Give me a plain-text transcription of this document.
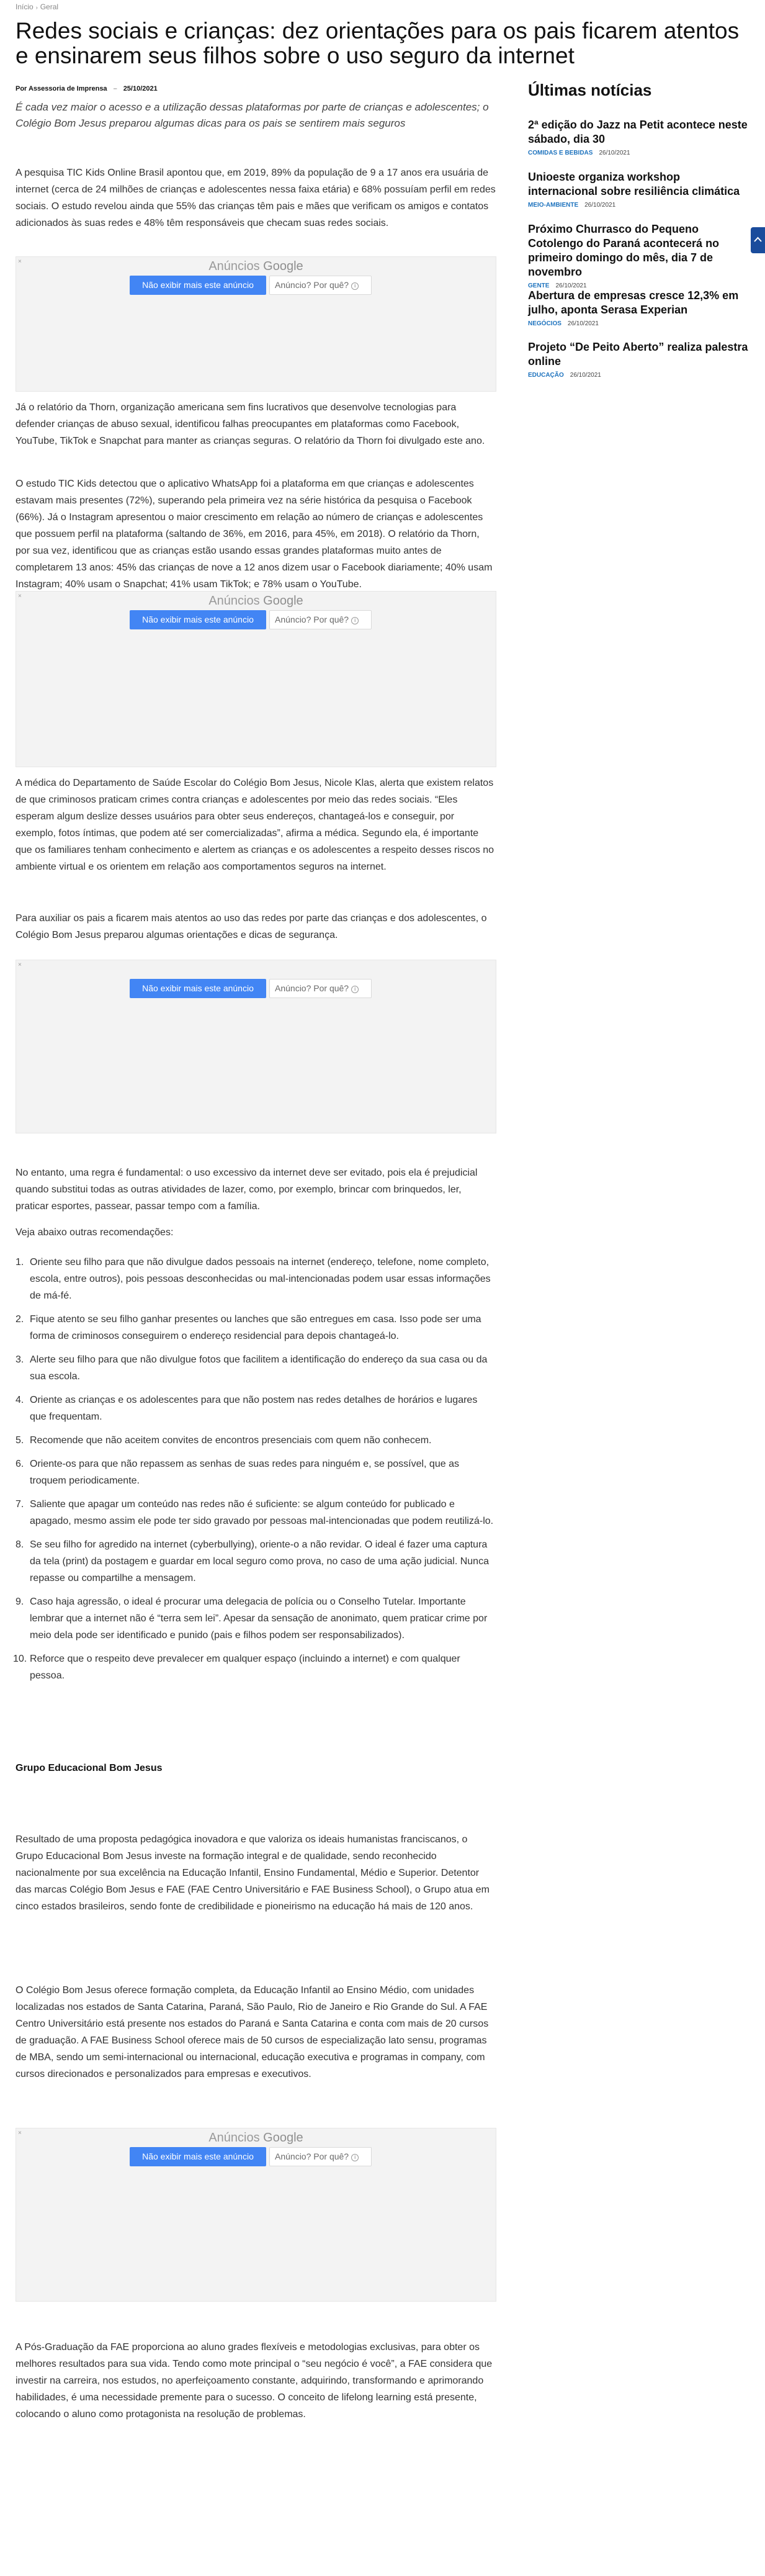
Início › Geral
Redes sociais e crianças: dez orientações para os pais ficarem atentos e ensinarem seus filhos sobre o uso seguro da internet
Por Assessoria de Imprensa – 25/10/2021

É cada vez maior o acesso e a utilização dessas plataformas por parte de crianças e adolescentes; o Colégio Bom Jesus preparou algumas dicas para os pais se sentirem mais seguros

A pesquisa TIC Kids Online Brasil apontou que, em 2019, 89% da população de 9 a 17 anos era usuária de internet (cerca de 24 milhões de crianças e adolescentes nessa faixa etária) e 68% possuíam perfil em redes sociais. O estudo revelou ainda que 55% das crianças têm pais e mães que verificam os amigos e contatos adicionados às suas redes e 48% têm responsáveis que checam suas redes sociais.

×	Anúncios Google
Não exibir mais este anúncio	Anúncio? Por quê? i

Já o relatório da Thorn, organização americana sem fins lucrativos que desenvolve tecnologias para defender crianças de abuso sexual, identificou falhas preocupantes em plataformas como Facebook, YouTube, TikTok e Snapchat para manter as crianças seguras. O relatório da Thorn foi divulgado este ano.

O estudo TIC Kids detectou que o aplicativo WhatsApp foi a plataforma em que crianças e adolescentes estavam mais presentes (72%), superando pela primeira vez na série histórica da pesquisa o Facebook (66%). Já o Instagram apresentou o maior crescimento em relação ao número de crianças e adolescentes que possuem perfil na plataforma (saltando de 36%, em 2016, para 45%, em 2018). O relatório da Thorn, por sua vez, identificou que as crianças estão usando essas grandes plataformas muito antes de completarem 13 anos: 45% das crianças de nove a 12 anos dizem usar o Facebook diariamente; 40% usam Instagram; 40% usam o Snapchat; 41% usam TikTok; e 78% usam o YouTube.

×	Anúncios Google
Não exibir mais este anúncio	Anúncio? Por quê? i

A médica do Departamento de Saúde Escolar do Colégio Bom Jesus, Nicole Klas, alerta que existem relatos de que criminosos praticam crimes contra crianças e adolescentes por meio das redes sociais. “Eles esperam algum deslize desses usuários para obter seus endereços, chantageá-los e conseguir, por exemplo, fotos íntimas, que podem até ser comercializadas”, afirma a médica. Segundo ela, é importante que os familiares tenham conhecimento e alertem as crianças e os adolescentes a respeito desses riscos no ambiente virtual e os orientem em relação aos comportamentos seguros na internet.

Para auxiliar os pais a ficarem mais atentos ao uso das redes por parte das crianças e dos adolescentes, o Colégio Bom Jesus preparou algumas orientações e dicas de segurança.

×
Não exibir mais este anúncio	Anúncio? Por quê? i

No entanto, uma regra é fundamental: o uso excessivo da internet deve ser evitado, pois ela é prejudicial quando substitui todas as outras atividades de lazer, como, por exemplo, brincar com brinquedos, ler, praticar esportes, passear, passar tempo com a família.

Veja abaixo outras recomendações:

1. Oriente seu filho para que não divulgue dados pessoais na internet (endereço, telefone, nome completo, escola, entre outros), pois pessoas desconhecidas ou mal-intencionadas podem usar essas informações de má-fé.
2. Fique atento se seu filho ganhar presentes ou lanches que são entregues em casa. Isso pode ser uma forma de criminosos conseguirem o endereço residencial para depois chantageá-lo.
3. Alerte seu filho para que não divulgue fotos que facilitem a identificação do endereço da sua casa ou da sua escola.
4. Oriente as crianças e os adolescentes para que não postem nas redes detalhes de horários e lugares que frequentam.
5. Recomende que não aceitem convites de encontros presenciais com quem não conhecem.
6. Oriente-os para que não repassem as senhas de suas redes para ninguém e, se possível, que as troquem periodicamente.
7. Saliente que apagar um conteúdo nas redes não é suficiente: se algum conteúdo for publicado e apagado, mesmo assim ele pode ter sido gravado por pessoas mal-intencionadas que podem reutilizá-lo.
8. Se seu filho for agredido na internet (cyberbullying), oriente-o a não revidar. O ideal é fazer uma captura da tela (print) da postagem e guardar em local seguro como prova, no caso de uma ação judicial. Nunca repasse ou compartilhe a mensagem.
9. Caso haja agressão, o ideal é procurar uma delegacia de polícia ou o Conselho Tutelar. Importante lembrar que a internet não é “terra sem lei”. Apesar da sensação de anonimato, quem praticar crime por meio dela pode ser identificado e punido (pais e filhos podem ser responsabilizados).
10. Reforce que o respeito deve prevalecer em qualquer espaço (incluindo a internet) e com qualquer pessoa.
Grupo Educacional Bom Jesus

Resultado de uma proposta pedagógica inovadora e que valoriza os ideais humanistas franciscanos, o Grupo Educacional Bom Jesus investe na formação integral e de qualidade, sendo reconhecido nacionalmente por sua excelência na Educação Infantil, Ensino Fundamental, Médio e Superior. Detentor das marcas Colégio Bom Jesus e FAE (FAE Centro Universitário e FAE Business School), o Grupo atua em cinco estados brasileiros, sendo fonte de credibilidade e pioneirismo na educação há mais de 120 anos.

O Colégio Bom Jesus oferece formação completa, da Educação Infantil ao Ensino Médio, com unidades localizadas nos estados de Santa Catarina, Paraná, São Paulo, Rio de Janeiro e Rio Grande do Sul. A FAE Centro Universitário está presente nos estados do Paraná e Santa Catarina e conta com mais de 20 cursos de graduação. A FAE Business School oferece mais de 50 cursos de especialização lato sensu, programas de MBA, sendo um semi-internacional ou internacional, educação executiva e programas in company, com cursos direcionados e personalizados para empresas e executivos.

×	Anúncios Google
Não exibir mais este anúncio	Anúncio? Por quê? i

A Pós-Graduação da FAE proporciona ao aluno grades flexíveis e metodologias exclusivas, para obter os melhores resultados para sua vida. Tendo como mote principal o “seu negócio é você”, a FAE considera que investir na carreira, nos estudos, no aperfeiçoamento constante, adquirindo, transformando e aprimorando habilidades, é uma necessidade premente para o sucesso. O conceito de lifelong learning está presente, colocando o aluno como protagonista na resolução de problemas.

Últimas notícias
2ª edição do Jazz na Petit acontece neste sábado, dia 30
COMIDAS E BEBIDAS 26/10/2021
Unioeste organiza workshop internacional sobre resiliência climática
MEIO-AMBIENTE 26/10/2021
Próximo Churrasco do Pequeno Cotolengo do Paraná acontecerá no primeiro domingo do mês, dia 7 de novembro
GENTE 26/10/2021
Abertura de empresas cresce 12,3% em julho, aponta Serasa Experian
NEGÓCIOS 26/10/2021
Projeto “De Peito Aberto” realiza palestra online
EDUCAÇÃO 26/10/2021
